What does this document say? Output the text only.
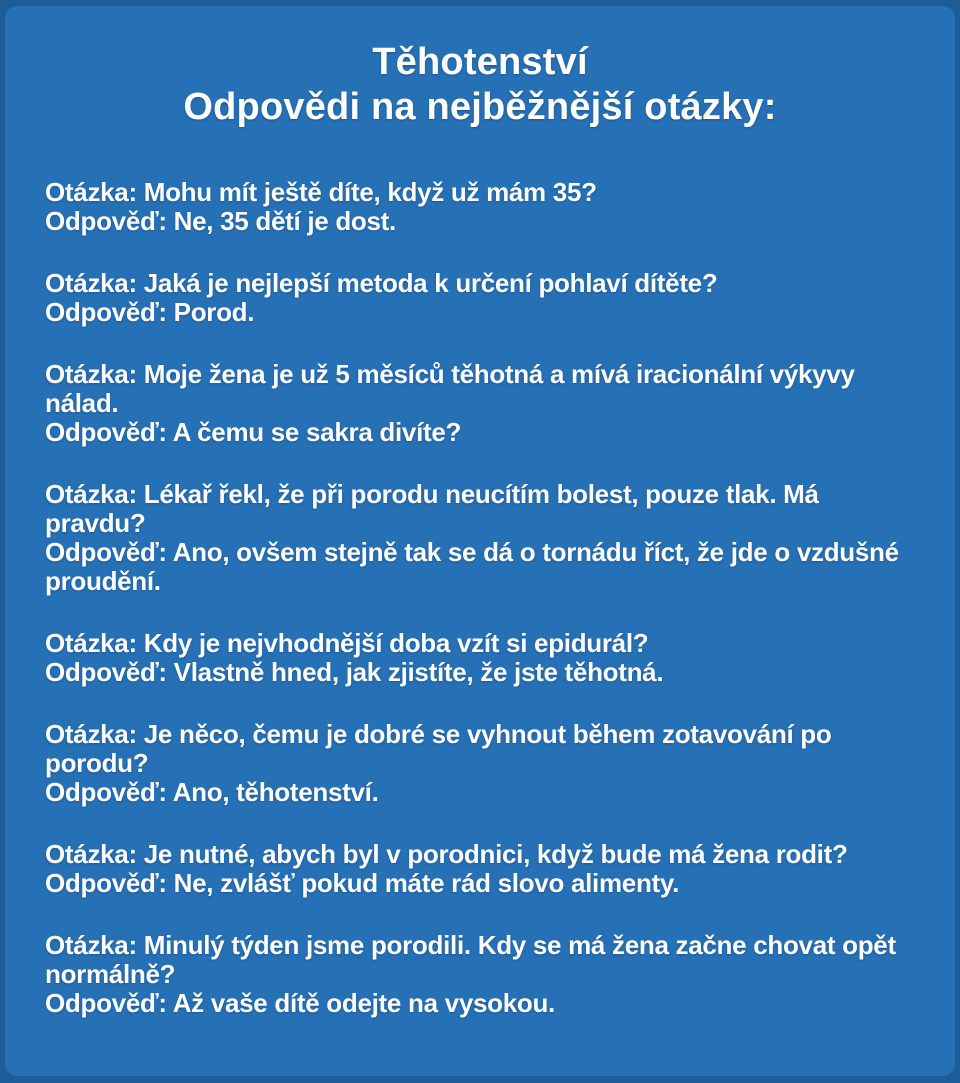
Těhotenství
Odpovědi na nejběžnější otázky:
Otázka: Mohu mít ještě díte, když už mám 35?
Odpověď: Ne, 35 dětí je dost.
Otázka: Jaká je nejlepší metoda k určení pohlaví dítěte?
Odpověď: Porod.
Otázka: Moje žena je už 5 měsíců těhotná a mívá iracionální výkyvy nálad.
Odpověď: A čemu se sakra divíte?
Otázka: Lékař řekl, že při porodu neucítím bolest, pouze tlak. Má pravdu?
Odpověď: Ano, ovšem stejně tak se dá o tornádu říct, že jde o vzdušné  proudění.
Otázka: Kdy je nejvhodnější doba vzít si epidurál?
Odpověď: Vlastně hned, jak zjistíte, že jste těhotná.
Otázka: Je něco, čemu je dobré se vyhnout během zotavování po porodu?
Odpověď: Ano, těhotenství.
Otázka: Je nutné, abych byl v porodnici, když bude má žena rodit?
Odpověď: Ne, zvlášť pokud máte rád slovo alimenty.
Otázka: Minulý týden jsme porodili. Kdy se má žena začne chovat opět normálně?
Odpověď: Až vaše dítě odejte na vysokou.
